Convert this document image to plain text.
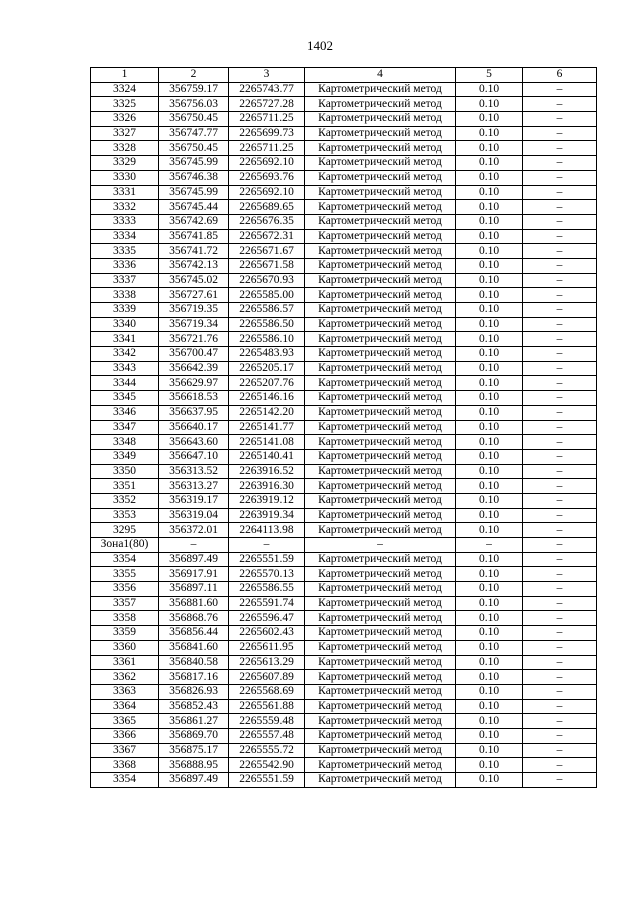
1402
1	2	3	4	5	6
3324	356759.17	2265743.77	Картометрический метод	0.10	–
3325	356756.03	2265727.28	Картометрический метод	0.10	–
3326	356750.45	2265711.25	Картометрический метод	0.10	–
3327	356747.77	2265699.73	Картометрический метод	0.10	–
3328	356750.45	2265711.25	Картометрический метод	0.10	–
3329	356745.99	2265692.10	Картометрический метод	0.10	–
3330	356746.38	2265693.76	Картометрический метод	0.10	–
3331	356745.99	2265692.10	Картометрический метод	0.10	–
3332	356745.44	2265689.65	Картометрический метод	0.10	–
3333	356742.69	2265676.35	Картометрический метод	0.10	–
3334	356741.85	2265672.31	Картометрический метод	0.10	–
3335	356741.72	2265671.67	Картометрический метод	0.10	–
3336	356742.13	2265671.58	Картометрический метод	0.10	–
3337	356745.02	2265670.93	Картометрический метод	0.10	–
3338	356727.61	2265585.00	Картометрический метод	0.10	–
3339	356719.35	2265586.57	Картометрический метод	0.10	–
3340	356719.34	2265586.50	Картометрический метод	0.10	–
3341	356721.76	2265586.10	Картометрический метод	0.10	–
3342	356700.47	2265483.93	Картометрический метод	0.10	–
3343	356642.39	2265205.17	Картометрический метод	0.10	–
3344	356629.97	2265207.76	Картометрический метод	0.10	–
3345	356618.53	2265146.16	Картометрический метод	0.10	–
3346	356637.95	2265142.20	Картометрический метод	0.10	–
3347	356640.17	2265141.77	Картометрический метод	0.10	–
3348	356643.60	2265141.08	Картометрический метод	0.10	–
3349	356647.10	2265140.41	Картометрический метод	0.10	–
3350	356313.52	2263916.52	Картометрический метод	0.10	–
3351	356313.27	2263916.30	Картометрический метод	0.10	–
3352	356319.17	2263919.12	Картометрический метод	0.10	–
3353	356319.04	2263919.34	Картометрический метод	0.10	–
3295	356372.01	2264113.98	Картометрический метод	0.10	–
Зона1(80)	–	–	–	–	–
3354	356897.49	2265551.59	Картометрический метод	0.10	–
3355	356917.91	2265570.13	Картометрический метод	0.10	–
3356	356897.11	2265586.55	Картометрический метод	0.10	–
3357	356881.60	2265591.74	Картометрический метод	0.10	–
3358	356868.76	2265596.47	Картометрический метод	0.10	–
3359	356856.44	2265602.43	Картометрический метод	0.10	–
3360	356841.60	2265611.95	Картометрический метод	0.10	–
3361	356840.58	2265613.29	Картометрический метод	0.10	–
3362	356817.16	2265607.89	Картометрический метод	0.10	–
3363	356826.93	2265568.69	Картометрический метод	0.10	–
3364	356852.43	2265561.88	Картометрический метод	0.10	–
3365	356861.27	2265559.48	Картометрический метод	0.10	–
3366	356869.70	2265557.48	Картометрический метод	0.10	–
3367	356875.17	2265555.72	Картометрический метод	0.10	–
3368	356888.95	2265542.90	Картометрический метод	0.10	–
3354	356897.49	2265551.59	Картометрический метод	0.10	–
